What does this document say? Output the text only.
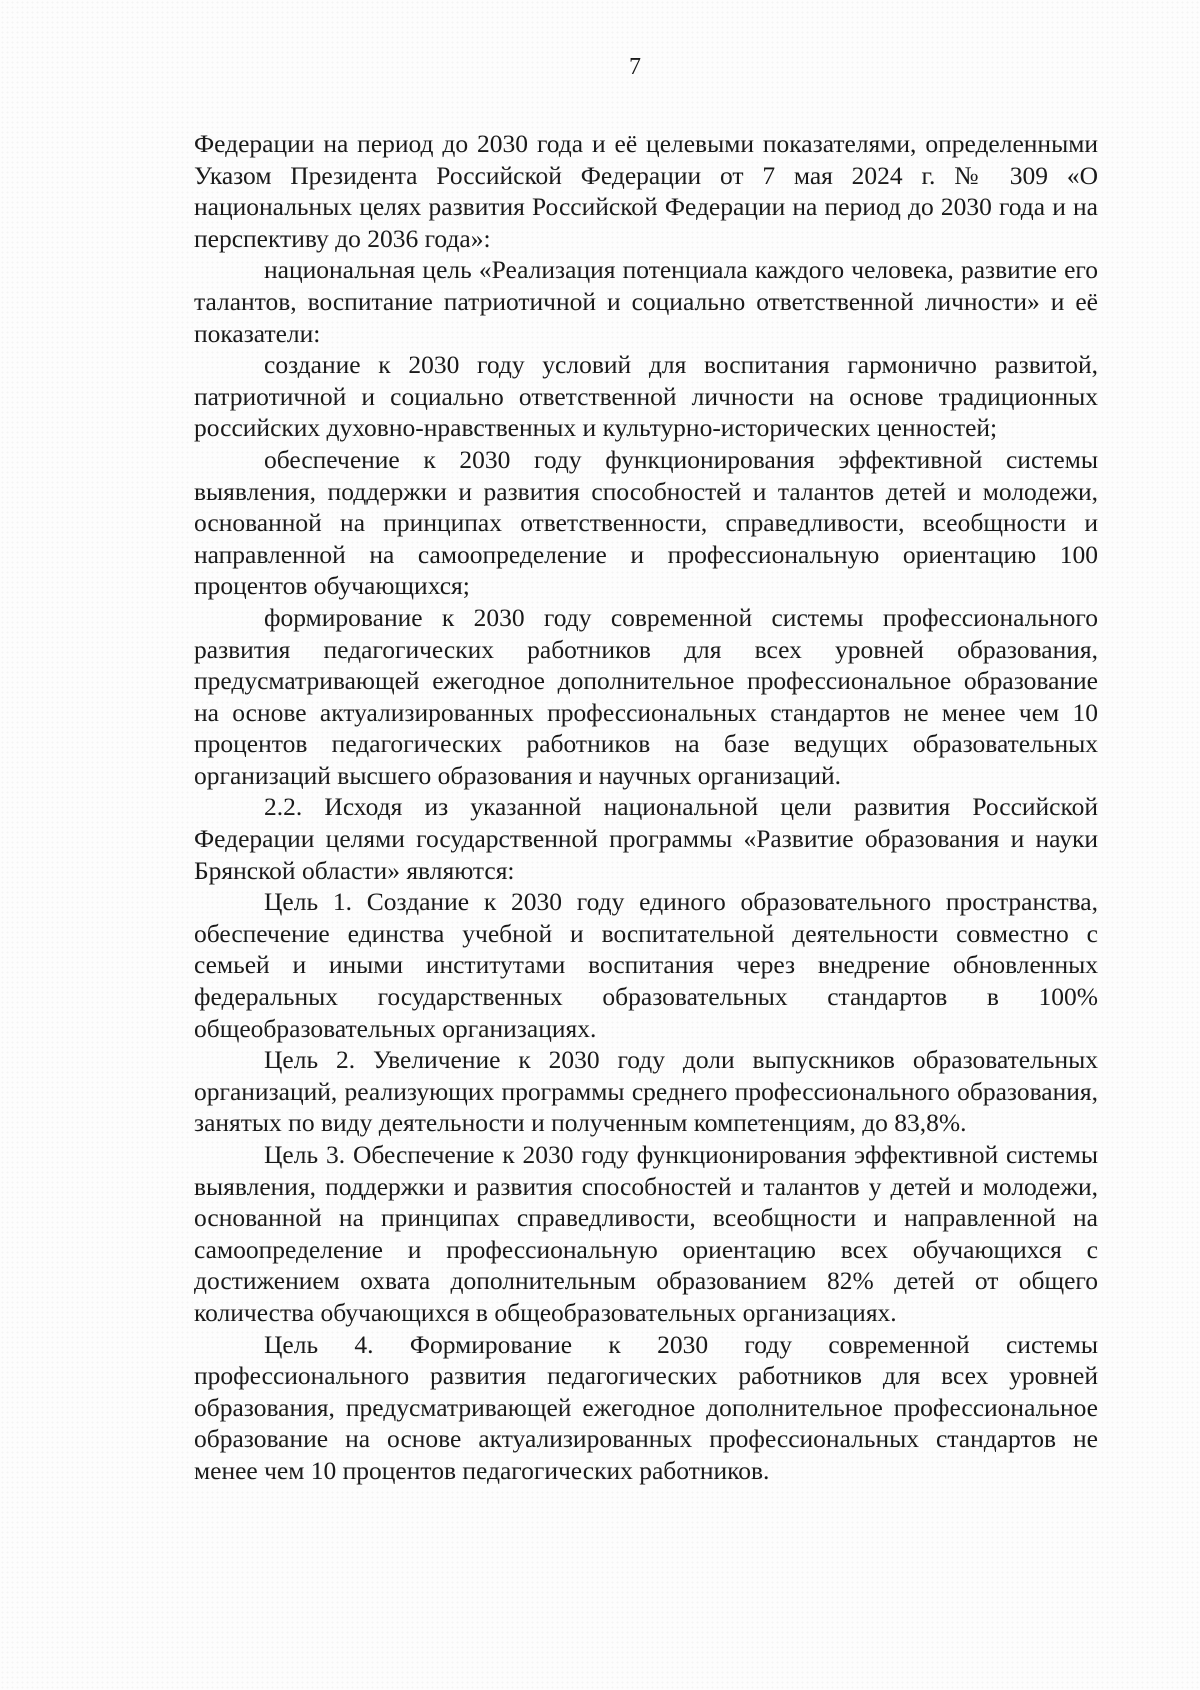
7

Федерации на период до 2030 года и её целевыми показателями, определенными Указом Президента Российской Федерации от 7 мая 2024 г. № 309 «О национальных целях развития Российской Федерации на период до 2030 года и на перспективу до 2036 года»:

национальная цель «Реализация потенциала каждого человека, развитие его талантов, воспитание патриотичной и социально ответственной личности» и её показатели:

создание к 2030 году условий для воспитания гармонично развитой, патриотичной и социально ответственной личности на основе традиционных российских духовно-нравственных и культурно-исторических ценностей;

обеспечение к 2030 году функционирования эффективной системы выявления, поддержки и развития способностей и талантов детей и молодежи, основанной на принципах ответственности, справедливости, всеобщности и направленной на самоопределение и профессиональную ориентацию 100 процентов обучающихся;

формирование к 2030 году современной системы профессионального развития педагогических работников для всех уровней образования, предусматривающей ежегодное дополнительное профессиональное образование на основе актуализированных профессиональных стандартов не менее чем 10 процентов педагогических работников на базе ведущих образовательных организаций высшего образования и научных организаций.

2.2. Исходя из указанной национальной цели развития Российской Федерации целями государственной программы «Развитие образования и науки Брянской области» являются:

Цель 1. Создание к 2030 году единого образовательного пространства, обеспечение единства учебной и воспитательной деятельности совместно с семьей и иными институтами воспитания через внедрение обновленных федеральных государственных образовательных стандартов в 100% общеобразовательных организациях.

Цель 2. Увеличение к 2030 году доли выпускников образовательных организаций, реализующих программы среднего профессионального образования, занятых по виду деятельности и полученным компетенциям, до 83,8%.

Цель 3. Обеспечение к 2030 году функционирования эффективной системы выявления, поддержки и развития способностей и талантов у детей и молодежи, основанной на принципах справедливости, всеобщности и направленной на самоопределение и профессиональную ориентацию всех обучающихся с достижением охвата дополнительным образованием 82% детей от общего количества обучающихся в общеобразовательных организациях.

Цель 4. Формирование к 2030 году современной системы профессионального развития педагогических работников для всех уровней образования, предусматривающей ежегодное дополнительное профессиональное образование на основе актуализированных профессиональных стандартов не менее чем 10 процентов педагогических работников.
